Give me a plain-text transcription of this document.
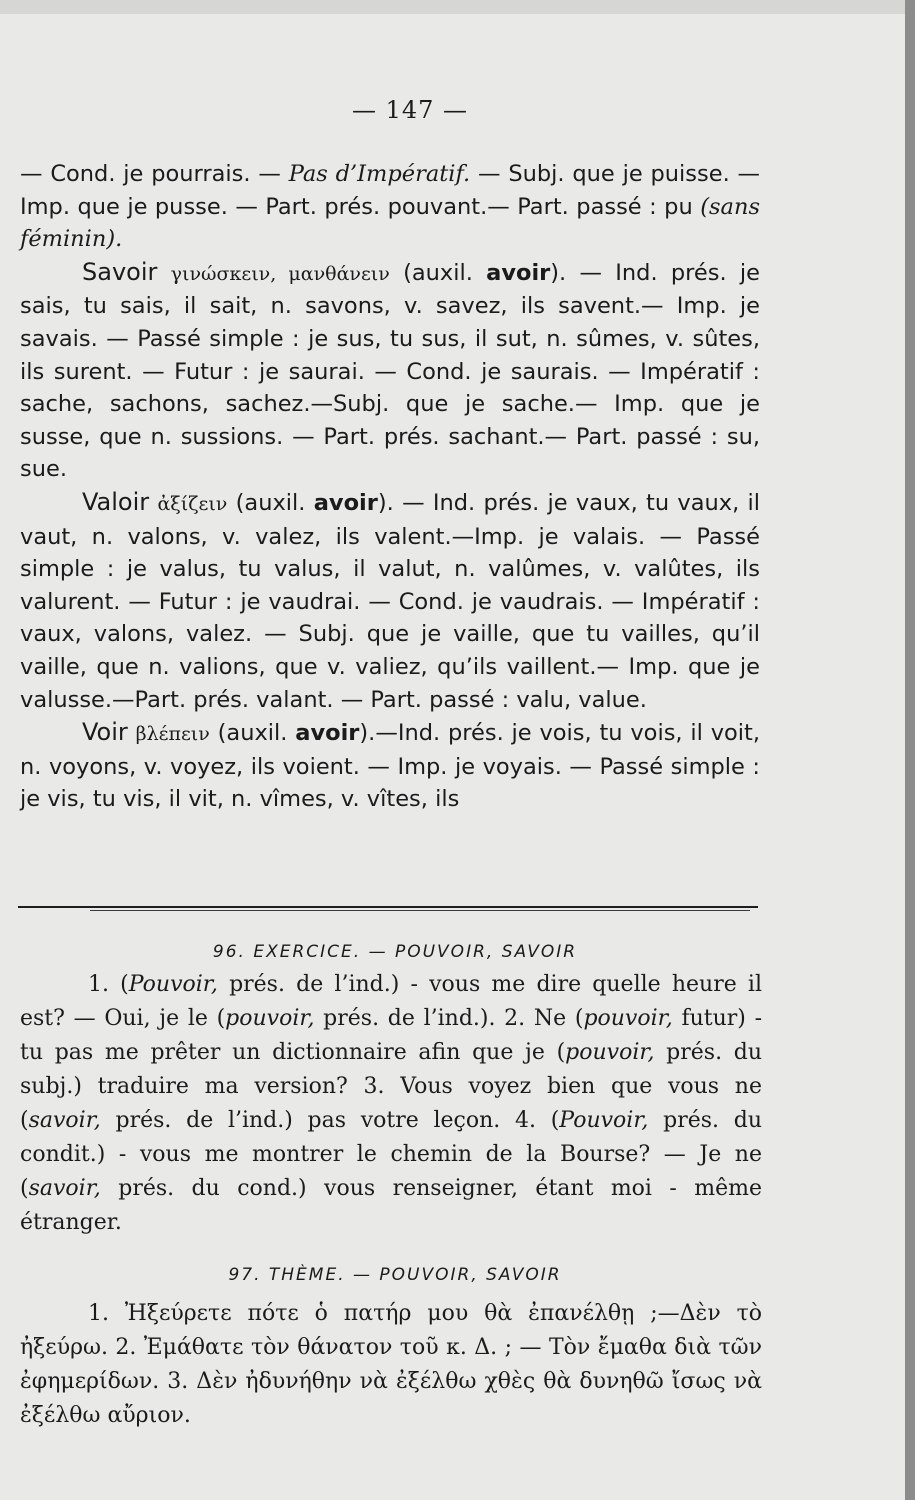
— 147 —

— Cond. je pourrais. — Pas d’Impératif. — Subj. que je puisse. — Imp. que je pusse. — Part. prés. pouvant.— Part. passé : pu (sans féminin).

Savoir γινώσκειν, μανθάνειν (auxil. avoir). — Ind. prés. je sais, tu sais, il sait, n. savons, v. savez, ils savent.— Imp. je savais. — Passé simple : je sus, tu sus, il sut, n. sûmes, v. sûtes, ils surent. — Futur : je saurai. — Cond. je saurais. — Impératif : sache, sachons, sachez.—Subj. que je sache.— Imp. que je susse, que n. sussions. — Part. prés. sachant.— Part. passé : su, sue.

Valoir ἀξίζειν (auxil. avoir). — Ind. prés. je vaux, tu vaux, il vaut, n. valons, v. valez, ils valent.—Imp. je valais. — Passé simple : je valus, tu valus, il valut, n. valûmes, v. valûtes, ils valurent. — Futur : je vaudrai. — Cond. je vaudrais. — Impératif : vaux, valons, valez. — Subj. que je vaille, que tu vailles, qu’il vaille, que n. valions, que v. valiez, qu’ils vaillent.— Imp. que je valusse.—Part. prés. valant. — Part. passé : valu, value.

Voir βλέπειν (auxil. avoir).—Ind. prés. je vois, tu vois, il voit, n. voyons, v. voyez, ils voient. — Imp. je voyais. — Passé simple : je vis, tu vis, il vit, n. vîmes, v. vîtes, ils

96. EXERCICE. — POUVOIR, SAVOIR

1. (Pouvoir, prés. de l’ind.) - vous me dire quelle heure il est? — Oui, je le (pouvoir, prés. de l’ind.). 2. Ne (pouvoir, futur) - tu pas me prêter un dictionnaire afin que je (pouvoir, prés. du subj.) traduire ma version? 3. Vous voyez bien que vous ne (savoir, prés. de l’ind.) pas votre leçon. 4. (Pouvoir, prés. du condit.) - vous me montrer le chemin de la Bourse? — Je ne (savoir, prés. du cond.) vous renseigner, étant moi - même étranger.

97. THÈME. — POUVOIR, SAVOIR

1. Ἠξεύρετε πότε ὁ πατήρ μου θὰ ἐπανέλθῃ ;—Δὲν τὸ ἠξεύρω. 2. Ἐμάθατε τὸν θάνατον τοῦ κ. Δ. ; — Τὸν ἔμαθα διὰ τῶν ἐφημερίδων. 3. Δὲν ἠδυνήθην νὰ ἐξέλθω χθὲς θὰ δυνηθῶ ἴσως νὰ ἐξέλθω αὔριον.
